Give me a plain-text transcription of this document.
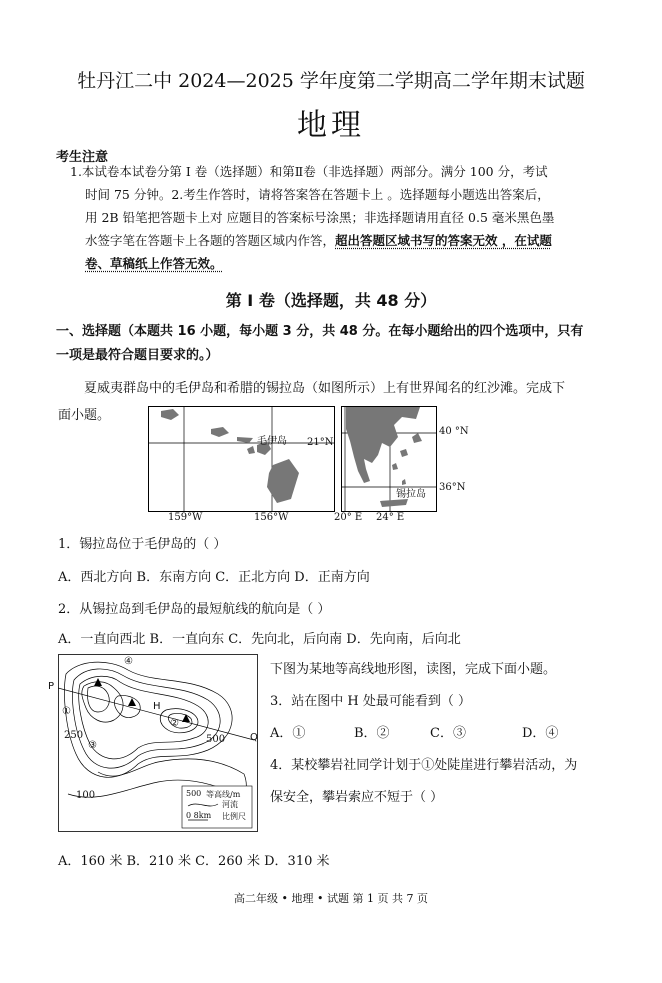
牡丹江二中 2024—2025 学年度第二学期高二学年期末试题
地理
考生注意

1.本试卷本试卷分第 I 卷（选择题）和第Ⅱ卷（非选择题）两部分。满分 100 分，考试

时间 75 分钟。2.考生作答时，请将答案答在答题卡上 。选择题每小题选出答案后，

用 2B 铅笔把答题卡上对 应题目的答案标号涂黑；非选择题请用直径 0.5 毫米黑色墨

水签字笔在答题卡上各题的答题区域内作答，超出答题区域书写的答案无效 ，在试题

卷、草稿纸上作答无效。

第 I 卷（选择题，共 48 分）
一、选择题（本题共 16 小题，每小题 3 分，共 48 分。在每小题给出的四个选项中，只有
一项是最符合题目要求的。）
夏威夷群岛中的毛伊岛和希腊的锡拉岛（如图所示）上有世界闻名的红沙滩。完成下
面小题。
毛伊岛 21°N
159°W	156°W
锡拉岛
40 °N
36°N
20° E 24° E
1．锡拉岛位于毛伊岛的（ ）
A．西北方向 B．东南方向 C．正北方向 D．正南方向
2．从锡拉岛到毛伊岛的最短航线的航向是（ ）
A．一直向西北 B．一直向东 C．先向北，后向南 D．先向南，后向北
P
Q
H
①
②
③
④
250	500
100	500 等高线/m
河流
0 8km 比例尺
下图为某地等高线地形图，读图，完成下面小题。
3．站在图中 H 处最可能看到（ ）
A．①	B．②	C．③	D．④
4．某校攀岩社同学计划于①处陡崖进行攀岩活动，为
保安全，攀岩索应不短于（ ）
A．160 米 B．210 米 C．260 米 D．310 米
高二年级 • 地理 • 试题 第 1 页 共 7 页
